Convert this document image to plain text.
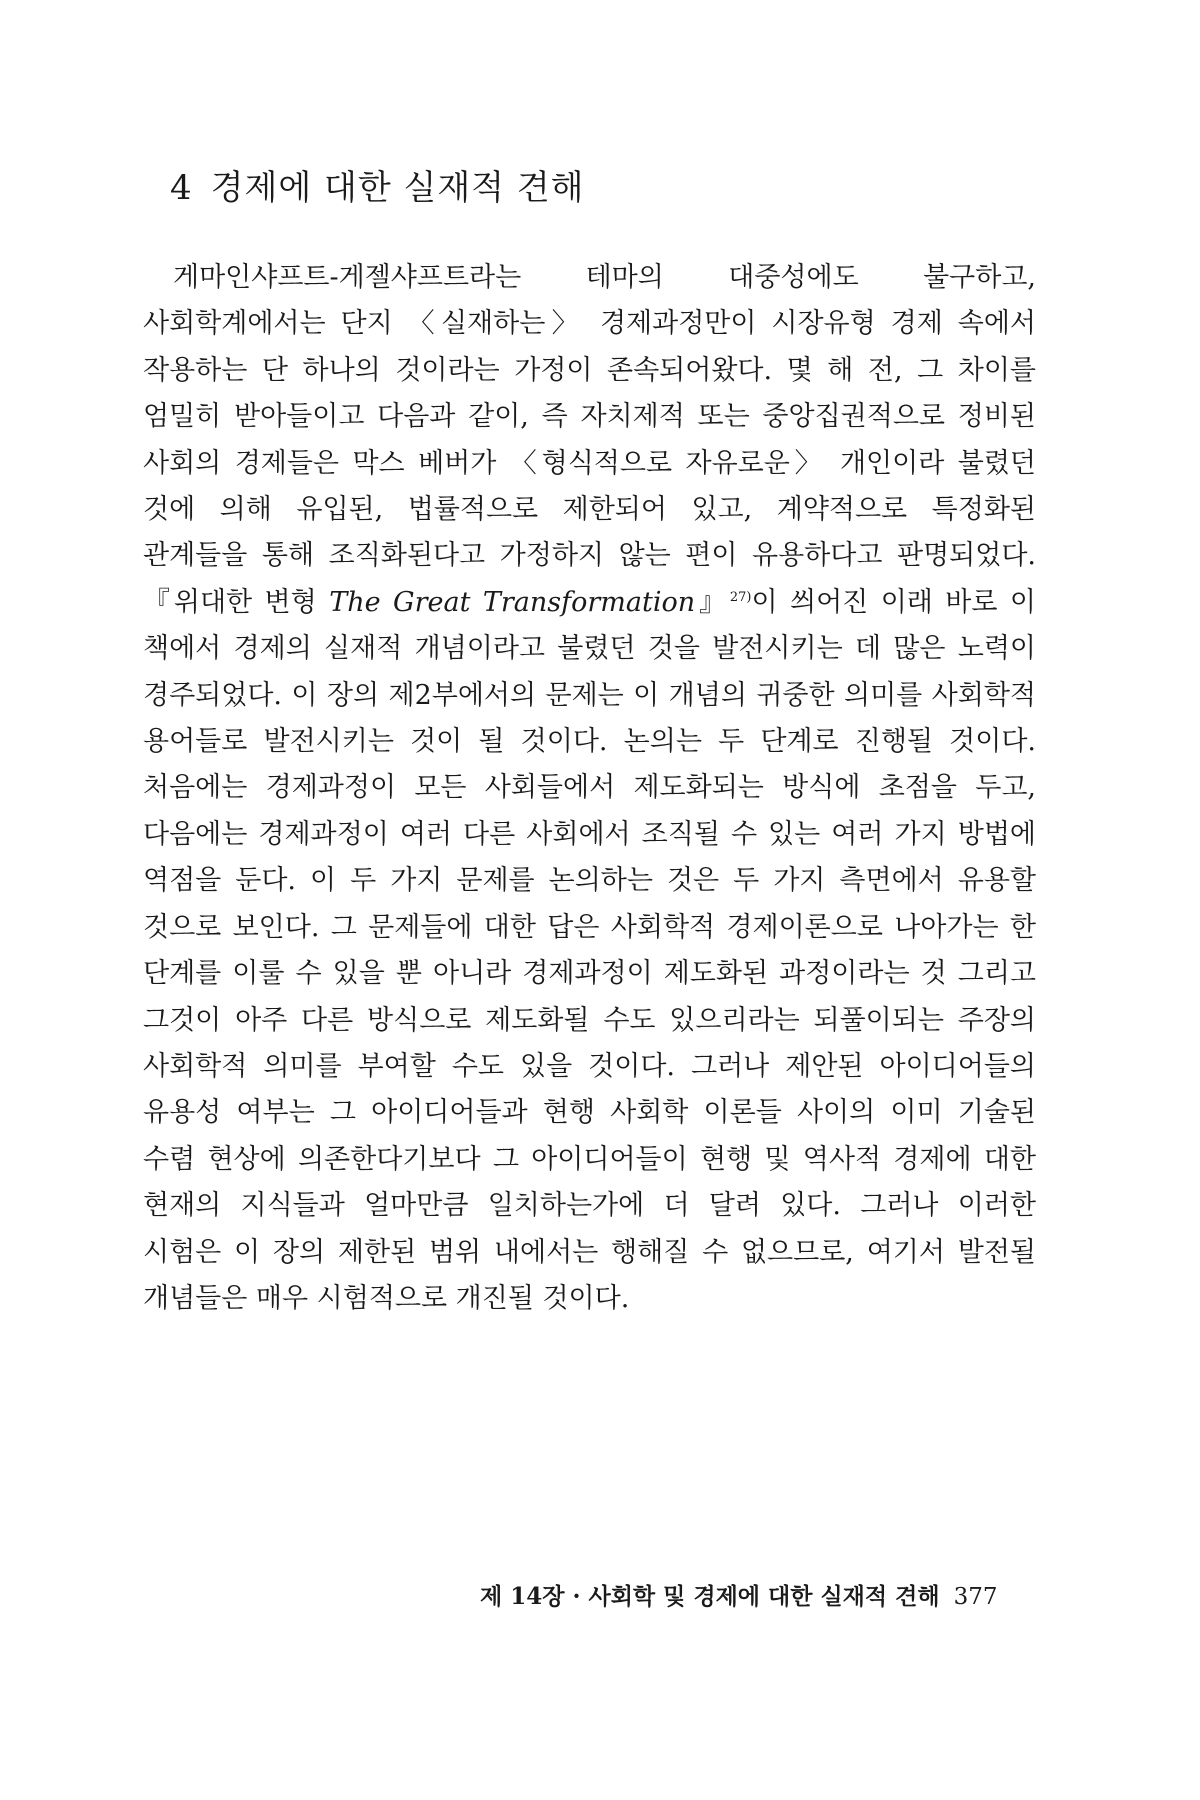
4 경제에 대한 실재적 견해

게마인샤프트-게젤샤프트라는 테마의 대중성에도 불구하고, 사회학계에서는 단지 〈실재하는〉 경제과정만이 시장유형 경제 속에서 작용하는 단 하나의 것이라는 가정이 존속되어왔다. 몇 해 전, 그 차이를 엄밀히 받아들이고 다음과 같이, 즉 자치제적 또는 중앙집권적으로 정비된 사회의 경제들은 막스 베버가 〈형식적으로 자유로운〉 개인이라 불렸던 것에 의해 유입된, 법률적으로 제한되어 있고, 계약적으로 특정화된 관계들을 통해 조직화된다고 가정하지 않는 편이 유용하다고 판명되었다. 『위대한 변형 The Great Transformation』$^{27)}$이 씌어진 이래 바로 이 책에서 경제의 실재적 개념이라고 불렸던 것을 발전시키는 데 많은 노력이 경주되었다. 이 장의 제2부에서의 문제는 이 개념의 귀중한 의미를 사회학적 용어들로 발전시키는 것이 될 것이다. 논의는 두 단계로 진행될 것이다. 처음에는 경제과정이 모든 사회들에서 제도화되는 방식에 초점을 두고, 다음에는 경제과정이 여러 다른 사회에서 조직될 수 있는 여러 가지 방법에 역점을 둔다. 이 두 가지 문제를 논의하는 것은 두 가지 측면에서 유용할 것으로 보인다. 그 문제들에 대한 답은 사회학적 경제이론으로 나아가는 한 단계를 이룰 수 있을 뿐 아니라 경제과정이 제도화된 과정이라는 것 그리고 그것이 아주 다른 방식으로 제도화될 수도 있으리라는 되풀이되는 주장의 사회학적 의미를 부여할 수도 있을 것이다. 그러나 제안된 아이디어들의 유용성 여부는 그 아이디어들과 현행 사회학 이론들 사이의 이미 기술된 수렴 현상에 의존한다기보다 그 아이디어들이 현행 및 역사적 경제에 대한 현재의 지식들과 얼마만큼 일치하는가에 더 달려 있다. 그러나 이러한 시험은 이 장의 제한된 범위 내에서는 행해질 수 없으므로, 여기서 발전될 개념들은 매우 시험적으로 개진될 것이다.

제 14장 · 사회학 및 경제에 대한 실재적 견해 377
